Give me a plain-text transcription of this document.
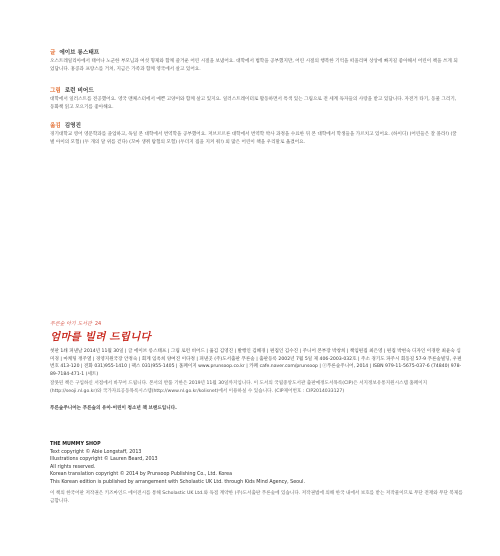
글 에이브 롱스태프
오스트레일리아에서 태어나 노군한 부모님과 여섯 형제와 함께 즐거운 어린 시절을 보냈어요. 대학에서 법학을 공부했지만, 어린 시절의 행복한 기억을 떠올리며 상상에 빠지길 좋아해서 어린이 책을 쓰게 되었답니다. 홍콩과 프랑스를 거쳐, 지금은 가족과 함께 영국에서 살고 있어요.
그림 로런 비어드
대학에서 일러스트를 전공했어요. 영국 맨체스터에서 예쁜 고양이와 함께 살고 있지요. 일러스트레이터로 활동하면서 특색 있는 그림으로 전 세계 독자들의 사랑을 받고 있답니다. 자전거 타기, 동물 그리기, 동화책 읽고 모으기를 좋아해요.
옮김 김영진
경기대학교 영어 영문학과를 졸업하고, 독일 본 대학에서 번역학을 공부했어요. 저브르르른 대학에서 번역학 박사 과정을 수료한 뒤 본 대학에서 학생들을 가르치고 있어요. (하이디) (어린들은 잘 몰라!) (꿀벌 아이의 모험) (두 개의 달 위를 걷다) (꼬마 생쥐 탐험의 모험) (두더지 집을 지켜 줘!) 외 많은 어린이 책을 우리말로 옮겼어요.
푸른숲 아기 도서관 24
엄마를 빌려 드립니다
첫판 1쇄 펴낸날 2014년 11월 30일 | 글 에이브 롱스태프 | 그림 로런 비어드 | 옮김 김영진 | 발행인 김혜경 | 편집인 김수진 | 주니어 본부장 박창희 | 책임편집 최은영 | 편집 박현숙 디자인 이경란 최윤숙 심미경 | 마케팅 정주열 | 경영지원국장 안정숙 | 회계 임옥희 양여진 이다정 | 펴낸곳 (주)도서출판 푸른숲 | 출판등록 2002년 7월 5일 제 406-2003-032호 | 주소 경기도 파주시 회동길 57-9 푸른숲빌딩, 우편번호 413-120 | 전화 031)955-1410 | 팩스 031)955-1405 | 홈페이지 www.prunsoop.co.kr | 카페 cafe.naver.com/prunsoop | ⓒ푸른숲주니어, 2014 | ISBN 979-11-5675-037-6 (74840) 978-89-7184-471-1 (세트)
잘못된 책은 구입하신 서점에서 바꾸어 드립니다. 본서의 반품 기한은 2019년 11월 30일까지입니다. 이 도서의 국립중앙도서관 출판예정도서목록(CIP)은 서지정보유통지원시스템 홈페이지(http://seoji.nl.go.kr)와 국가자료공동목록시스템(http://www.nl.go.kr/kolisnet)에서 이용하실 수 있습니다. (CIP제어번호 : CIP2014033127)
푸른숲주니어는 푸른숲의 유아·어린이 청소년 책 브랜드입니다.
THE MUMMY SHOP
Text copyright © Abie Longstaff, 2013
Illustrations copyright © Lauren Beard, 2013
All rights reserved.
Korean translation copyright © 2014 by Prunsoop Publishing Co., Ltd. Korea
This Korean edition is published by arrangement with Scholastic UK Ltd. through Kids Mind Agency, Seoul.
이 책의 한국어판 저작권은 키즈마인드 에이전시를 통해 Scholastic UK Ltd.와 독점 계약한 (주)도서출판 푸른숲에 있습니다. 저작권법에 의해 한국 내에서 보호를 받는 저작물이므로 무단 전재와 무단 복제를 금합니다.
